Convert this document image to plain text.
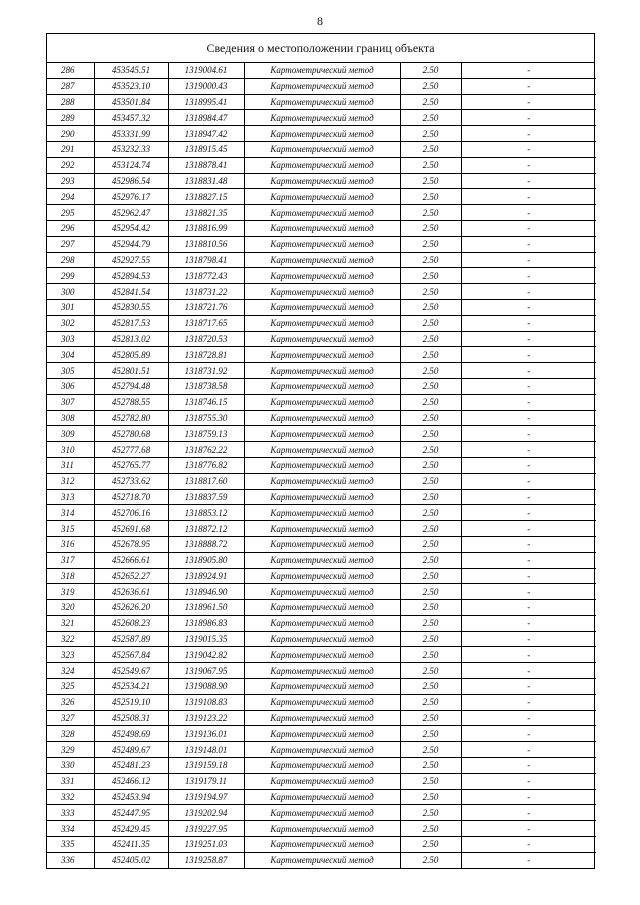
8
Сведения о местоположении границ объекта
286	453545.51	1319004.61	Картометрический метод	2.50	-
287	453523.10	1319000.43	Картометрический метод	2.50	-
288	453501.84	1318995.41	Картометрический метод	2.50	-
289	453457.32	1318984.47	Картометрический метод	2.50	-
290	453331.99	1318947.42	Картометрический метод	2.50	-
291	453232.33	1318915.45	Картометрический метод	2.50	-
292	453124.74	1318878.41	Картометрический метод	2.50	-
293	452986.54	1318831.48	Картометрический метод	2.50	-
294	452976.17	1318827.15	Картометрический метод	2.50	-
295	452962.47	1318821.35	Картометрический метод	2.50	-
296	452954.42	1318816.99	Картометрический метод	2.50	-
297	452944.79	1318810.56	Картометрический метод	2.50	-
298	452927.55	1318798.41	Картометрический метод	2.50	-
299	452894.53	1318772.43	Картометрический метод	2.50	-
300	452841.54	1318731.22	Картометрический метод	2.50	-
301	452830.55	1318721.76	Картометрический метод	2.50	-
302	452817.53	1318717.65	Картометрический метод	2.50	-
303	452813.02	1318720.53	Картометрический метод	2.50	-
304	452805.89	1318728.81	Картометрический метод	2.50	-
305	452801.51	1318731.92	Картометрический метод	2.50	-
306	452794.48	1318738.58	Картометрический метод	2.50	-
307	452788.55	1318746.15	Картометрический метод	2.50	-
308	452782.80	1318755.30	Картометрический метод	2.50	-
309	452780.68	1318759.13	Картометрический метод	2.50	-
310	452777.68	1318762.22	Картометрический метод	2.50	-
311	452765.77	1318776.82	Картометрический метод	2.50	-
312	452733.62	1318817.60	Картометрический метод	2.50	-
313	452718.70	1318837.59	Картометрический метод	2.50	-
314	452706.16	1318853.12	Картометрический метод	2.50	-
315	452691.68	1318872.12	Картометрический метод	2.50	-
316	452678.95	1318888.72	Картометрический метод	2.50	-
317	452666.61	1318905.80	Картометрический метод	2.50	-
318	452652.27	1318924.91	Картометрический метод	2.50	-
319	452636.61	1318946.90	Картометрический метод	2.50	-
320	452626.20	1318961.50	Картометрический метод	2.50	-
321	452608.23	1318986.83	Картометрический метод	2.50	-
322	452587.89	1319015.35	Картометрический метод	2.50	-
323	452567.84	1319042.82	Картометрический метод	2.50	-
324	452549.67	1319067.95	Картометрический метод	2.50	-
325	452534.21	1319088.90	Картометрический метод	2.50	-
326	452519.10	1319108.83	Картометрический метод	2.50	-
327	452508.31	1319123.22	Картометрический метод	2.50	-
328	452498.69	1319136.01	Картометрический метод	2.50	-
329	452489.67	1319148.01	Картометрический метод	2.50	-
330	452481.23	1319159.18	Картометрический метод	2.50	-
331	452466.12	1319179.11	Картометрический метод	2.50	-
332	452453.94	1319194.97	Картометрический метод	2.50	-
333	452447.95	1319202.94	Картометрический метод	2.50	-
334	452429.45	1319227.95	Картометрический метод	2.50	-
335	452411.35	1319251.03	Картометрический метод	2.50	-
336	452405.02	1319258.87	Картометрический метод	2.50	-
